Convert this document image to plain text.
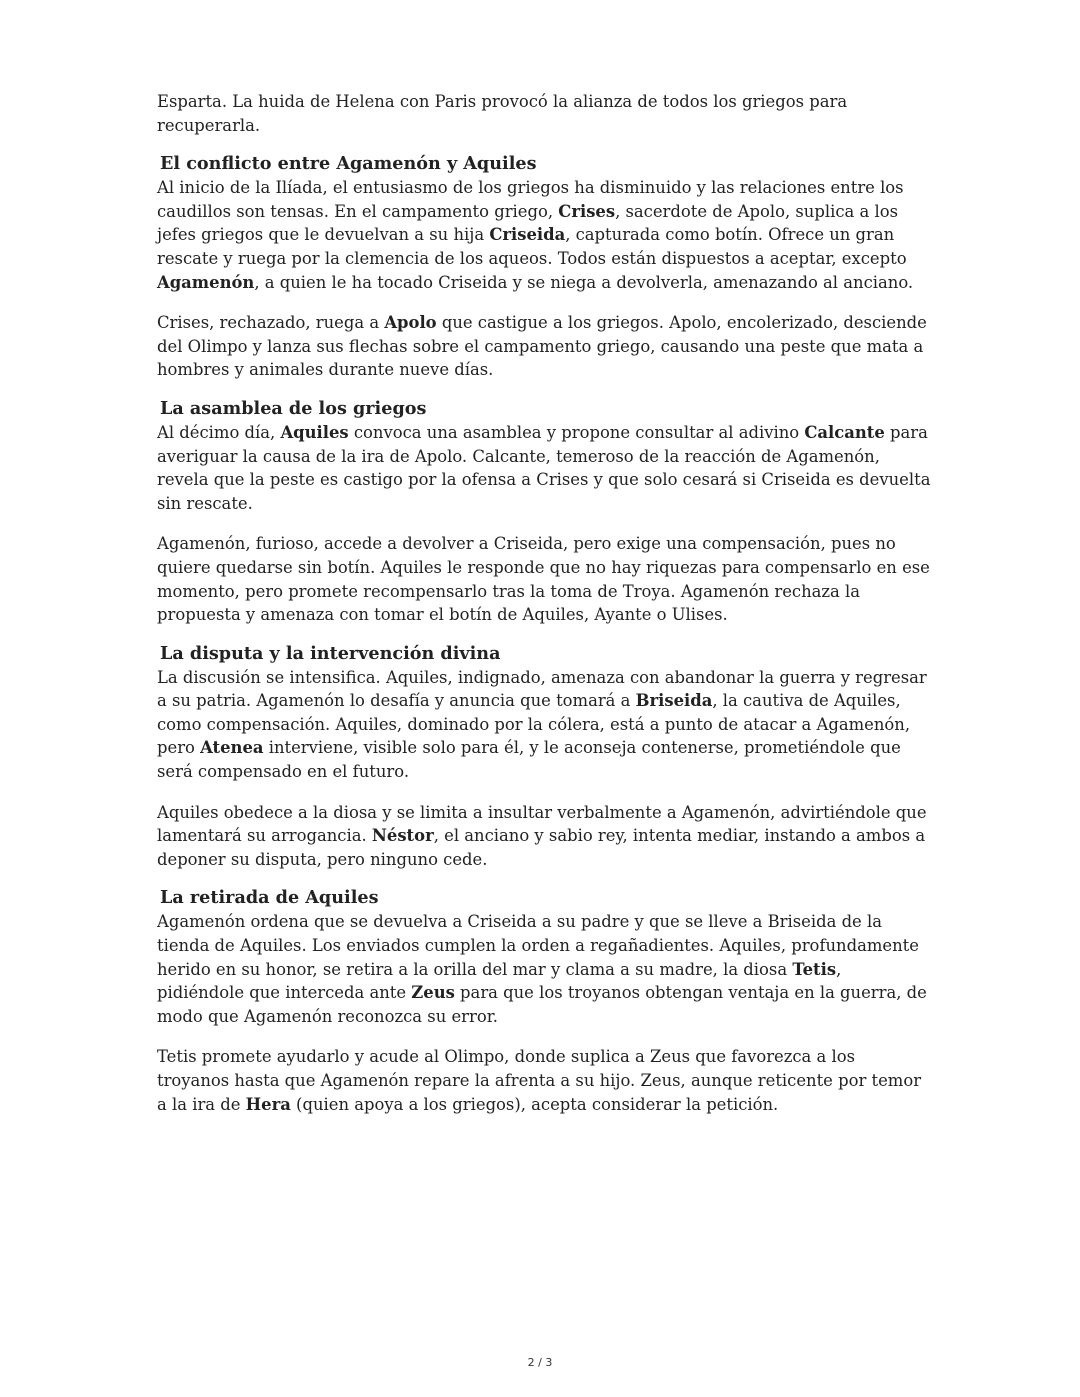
Esparta. La huida de Helena con Paris provocó la alianza de todos los griegos para recuperarla.

El conflicto entre Agamenón y Aquiles

Al inicio de la Ilíada, el entusiasmo de los griegos ha disminuido y las relaciones entre los caudillos son tensas. En el campamento griego, Crises, sacerdote de Apolo, suplica a los jefes griegos que le devuelvan a su hija Criseida, capturada como botín. Ofrece un gran rescate y ruega por la clemencia de los aqueos. Todos están dispuestos a aceptar, excepto Agamenón, a quien le ha tocado Criseida y se niega a devolverla, amenazando al anciano.

Crises, rechazado, ruega a Apolo que castigue a los griegos. Apolo, encolerizado, desciende del Olimpo y lanza sus flechas sobre el campamento griego, causando una peste que mata a hombres y animales durante nueve días.

La asamblea de los griegos

Al décimo día, Aquiles convoca una asamblea y propone consultar al adivino Calcante para averiguar la causa de la ira de Apolo. Calcante, temeroso de la reacción de Agamenón, revela que la peste es castigo por la ofensa a Crises y que solo cesará si Criseida es devuelta sin rescate.

Agamenón, furioso, accede a devolver a Criseida, pero exige una compensación, pues no quiere quedarse sin botín. Aquiles le responde que no hay riquezas para compensarlo en ese momento, pero promete recompensarlo tras la toma de Troya. Agamenón rechaza la propuesta y amenaza con tomar el botín de Aquiles, Ayante o Ulises.

La disputa y la intervención divina

La discusión se intensifica. Aquiles, indignado, amenaza con abandonar la guerra y regresar a su patria. Agamenón lo desafía y anuncia que tomará a Briseida, la cautiva de Aquiles, como compensación. Aquiles, dominado por la cólera, está a punto de atacar a Agamenón, pero Atenea interviene, visible solo para él, y le aconseja contenerse, prometiéndole que será compensado en el futuro.

Aquiles obedece a la diosa y se limita a insultar verbalmente a Agamenón, advirtiéndole que lamentará su arrogancia. Néstor, el anciano y sabio rey, intenta mediar, instando a ambos a deponer su disputa, pero ninguno cede.

La retirada de Aquiles

Agamenón ordena que se devuelva a Criseida a su padre y que se lleve a Briseida de la tienda de Aquiles. Los enviados cumplen la orden a regañadientes. Aquiles, profundamente herido en su honor, se retira a la orilla del mar y clama a su madre, la diosa Tetis, pidiéndole que interceda ante Zeus para que los troyanos obtengan ventaja en la guerra, de modo que Agamenón reconozca su error.

Tetis promete ayudarlo y acude al Olimpo, donde suplica a Zeus que favorezca a los troyanos hasta que Agamenón repare la afrenta a su hijo. Zeus, aunque reticente por temor a la ira de Hera (quien apoya a los griegos), acepta considerar la petición.

2 / 3
